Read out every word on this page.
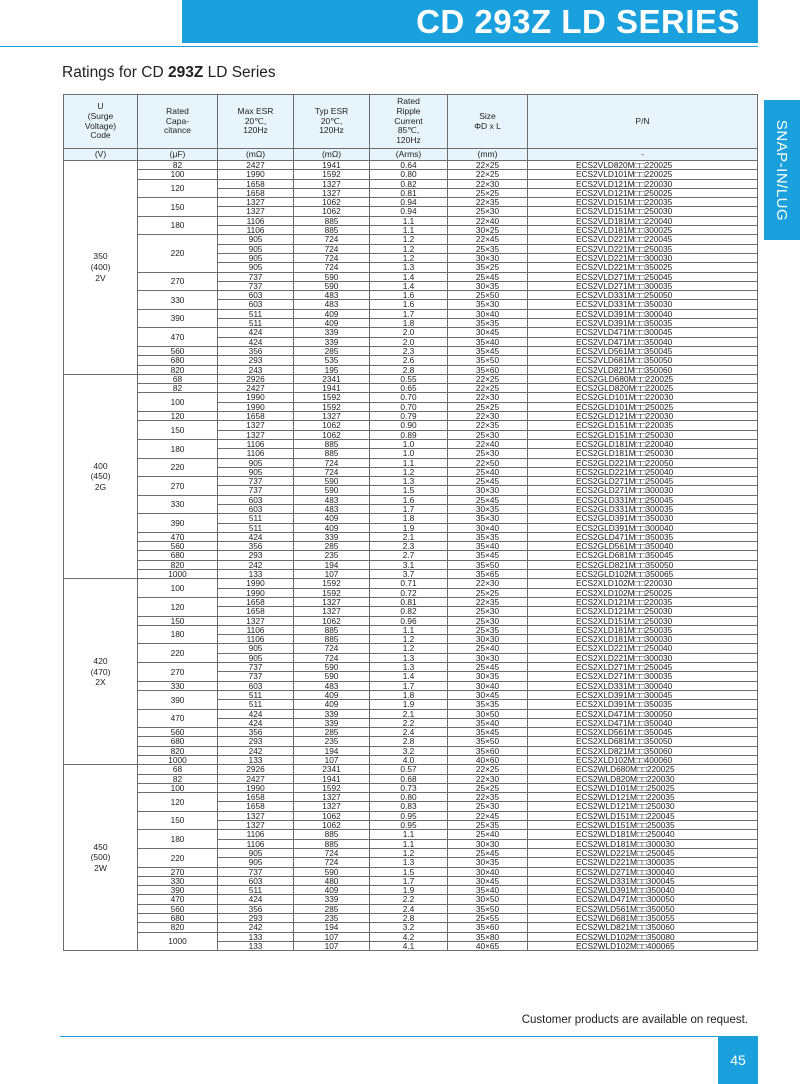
CD 293Z LD SERIES
Ratings for CD 293Z LD Series
SNAP-IN/LUG
U
(Surge
Voltage)
Code	Rated
Capa-
citance	Max ESR
20℃,
120Hz	Typ ESR
20℃,
120Hz	Rated
Ripple
Current
85℃,
120Hz	Size
ΦD x L	P/N
(V)	(μF)	(mΩ)	(mΩ)	(Arms)	(mm)	-
350
(400)
2V	82	2427	1941	0.64	22×25	ECS2VLD820M□□220025
	100	1990	1592	0.80	22×25	ECS2VLD101M□□220025
	120	1658	1327	0.82	22×30	ECS2VLD121M□□220030
		1658	1327	0.81	25×25	ECS2VLD121M□□250025
	150	1327	1062	0.94	22×35	ECS2VLD151M□□220035
		1327	1062	0.94	25×30	ECS2VLD151M□□250030
	180	1106	885	1.1	22×40	ECS2VLD181M□□220040
		1106	885	1.1	30×25	ECS2VLD181M□□300025
	220	905	724	1.2	22×45	ECS2VLD221M□□220045
		905	724	1.2	25×35	ECS2VLD221M□□250035
		905	724	1.2	30×30	ECS2VLD221M□□300030
		905	724	1.3	35×25	ECS2VLD221M□□350025
	270	737	590	1.4	25×45	ECS2VLD271M□□250045
		737	590	1.4	30×35	ECS2VLD271M□□300035
	330	603	483	1.6	25×50	ECS2VLD331M□□250050
		603	483	1.6	35×30	ECS2VLD331M□□350030
	390	511	409	1.7	30×40	ECS2VLD391M□□300040
		511	409	1.8	35×35	ECS2VLD391M□□350035
	470	424	339	2.0	30×45	ECS2VLD471M□□300045
		424	339	2.0	35×40	ECS2VLD471M□□350040
	560	356	285	2.3	35×45	ECS2VLD561M□□350045
	680	293	535	2.6	35×50	ECS2VLD681M□□350050
	820	243	195	2.8	35×60	ECS2VLD821M□□350060
400
(450)
2G	68	2926	2341	0.55	22×25	ECS2GLD680M□□220025
	82	2427	1941	0.65	22×25	ECS2GLD820M□□220025
	100	1990	1592	0.70	22×30	ECS2GLD101M□□220030
		1990	1592	0.70	25×25	ECS2GLD101M□□250025
	120	1658	1327	0.79	22×30	ECS2GLD121M□□220030
	150	1327	1062	0.90	22×35	ECS2GLD151M□□220035
		1327	1062	0.89	25×30	ECS2GLD151M□□250030
	180	1106	885	1.0	22×40	ECS2GLD181M□□220040
		1106	885	1.0	25×30	ECS2GLD181M□□250030
	220	905	724	1.1	22×50	ECS2GLD221M□□220050
		905	724	1.2	25×40	ECS2GLD221M□□250040
	270	737	590	1.3	25×45	ECS2GLD271M□□250045
		737	590	1.5	30×30	ECS2GLD271M□□300030
	330	603	483	1.6	25×45	ECS2GLD331M□□250045
		603	483	1.7	30×35	ECS2GLD331M□□300035
	390	511	409	1.8	35×30	ECS2GLD391M□□350030
		511	409	1.9	30×40	ECS2GLD391M□□300040
	470	424	339	2.1	35×35	ECS2GLD471M□□350035
	560	356	285	2.3	35×40	ECS2GLD561M□□350040
	680	293	235	2.7	35×45	ECS2GLD681M□□350045
	820	242	194	3.1	35×50	ECS2GLD821M□□350050
	1000	133	107	3.7	35×65	ECS2GLD102M□□350065
420
(470)
2X	100	1990	1592	0.71	22×30	ECS2XLD102M□□220030
		1990	1592	0.72	25×25	ECS2XLD102M□□250025
	120	1658	1327	0.81	22×35	ECS2XLD121M□□220035
		1658	1327	0.82	25×30	ECS2XLD121M□□250030
	150	1327	1062	0.96	25×30	ECS2XLD151M□□250030
	180	1106	885	1.1	25×35	ECS2XLD181M□□250035
		1106	885	1.2	30×30	ECS2XLD181M□□300030
	220	905	724	1.2	25×40	ECS2XLD221M□□250040
		905	724	1.3	30×30	ECS2XLD221M□□300030
	270	737	590	1.3	25×45	ECS2XLD271M□□250045
		737	590	1.4	30×35	ECS2XLD271M□□300035
	330	603	483	1.7	30×40	ECS2XLD331M□□300040
	390	511	409	1.8	30×45	ECS2XLD391M□□300045
		511	409	1.9	35×35	ECS2XLD391M□□350035
	470	424	339	2.1	30×50	ECS2XLD471M□□300050
		424	339	2.2	35×40	ECS2XLD471M□□350040
	560	356	285	2.4	35×45	ECS2XLD561M□□350045
	680	293	235	2.8	35×50	ECS2XLD681M□□350050
	820	242	194	3.2	35×60	ECS2XLD821M□□350060
	1000	133	107	4.0	40×60	ECS2XLD102M□□400060
450
(500)
2W	68	2926	2341	0.57	22×25	ECS2WLD680M□□220025
	82	2427	1941	0.68	22×30	ECS2WLD820M□□220030
	100	1990	1592	0.73	25×25	ECS2WLD101M□□250025
	120	1658	1327	0.80	22×35	ECS2WLD121M□□220035
		1658	1327	0.83	25×30	ECS2WLD121M□□250030
	150	1327	1062	0.95	22×45	ECS2WLD151M□□220045
		1327	1062	0.95	25×35	ECS2WLD151M□□250035
	180	1106	885	1.1	25×40	ECS2WLD181M□□250040
		1106	885	1.1	30×30	ECS2WLD181M□□300030
	220	905	724	1.2	25×45	ECS2WLD221M□□250045
		905	724	1.3	30×35	ECS2WLD221M□□300035
	270	737	590	1.5	30×40	ECS2WLD271M□□300040
	330	603	480	1.7	30×45	ECS2WLD331M□□300045
	390	511	409	1.9	35×40	ECS2WLD391M□□350040
	470	424	339	2.2	30×50	ECS2WLD471M□□300050
	560	356	285	2.4	35×50	ECS2WLD561M□□350050
	680	293	235	2.8	25×55	ECS2WLD681M□□350055
	820	242	194	3.2	35×60	ECS2WLD821M□□350060
	1000	133	107	4.2	35×80	ECS2WLD102M□□350080
		133	107	4.1	40×65	ECS2WLD102M□□400065
Customer products are available on request.
45
